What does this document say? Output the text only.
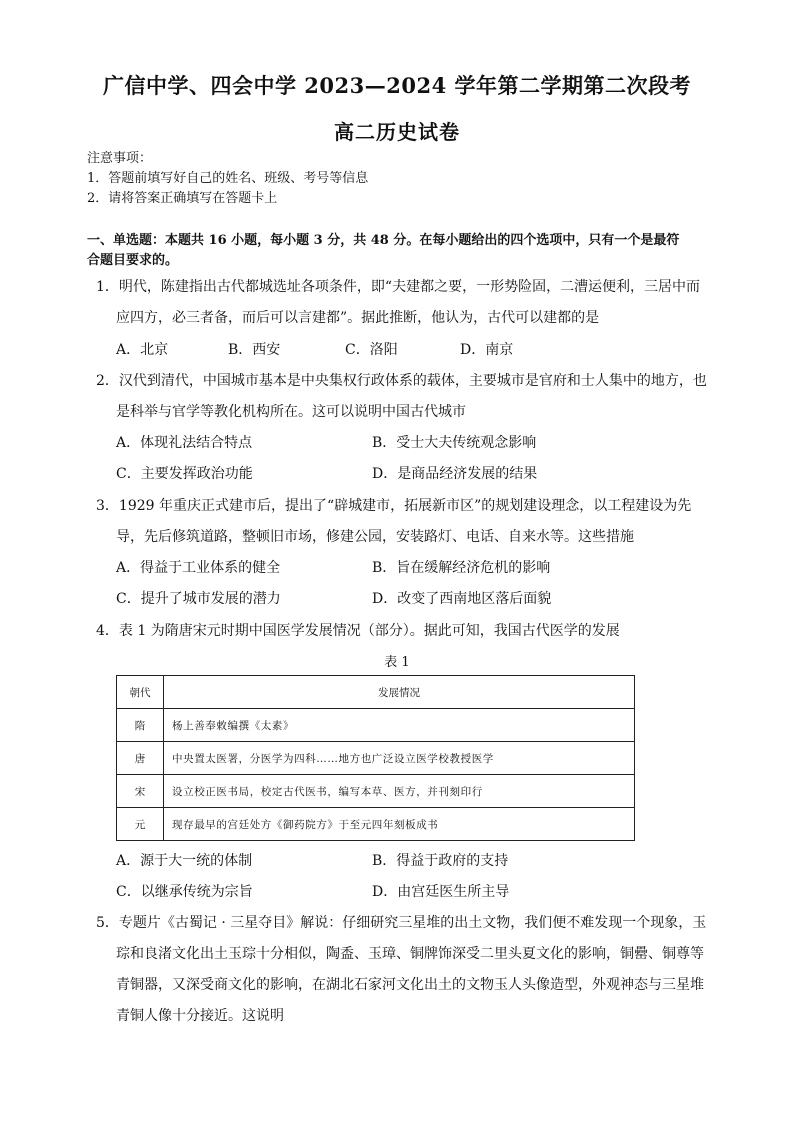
广信中学、四会中学 2023—2024 学年第二学期第二次段考
高二历史试卷
注意事项：
1．答题前填写好自己的姓名、班级、考号等信息
2．请将答案正确填写在答题卡上
一、单选题：本题共 16 小题，每小题 3 分，共 48 分。在每小题给出的四个选项中，只有一个是最符
合题目要求的。
1．明代，陈建指出古代都城选址各项条件，即“夫建都之要，一形势险固，二漕运便利，三居中而
应四方，必三者备，而后可以言建都”。据此推断，他认为，古代可以建都的是
A．北京	B．西安	C．洛阳	D．南京
2．汉代到清代，中国城市基本是中央集权行政体系的载体，主要城市是官府和士人集中的地方，也
是科举与官学等教化机构所在。这可以说明中国古代城市
A．体现礼法结合特点	B．受士大夫传统观念影响
C．主要发挥政治功能	D．是商品经济发展的结果
3．1929 年重庆正式建市后，提出了“辟城建市，拓展新市区”的规划建设理念，以工程建设为先
导，先后修筑道路，整顿旧市场，修建公园，安装路灯、电话、自来水等。这些措施
A．得益于工业体系的健全	B．旨在缓解经济危机的影响
C．提升了城市发展的潜力	D．改变了西南地区落后面貌
4．表 1 为隋唐宋元时期中国医学发展情况（部分）。据此可知，我国古代医学的发展
表 1
朝代	发展情况
隋	杨上善奉敕编撰《太素》
唐	中央置太医署，分医学为四科……地方也广泛设立医学校教授医学
宋	设立校正医书局，校定古代医书，编写本草、医方，并刊刻印行
元	现存最早的宫廷处方《御药院方》于至元四年刻板成书
A．源于大一统的体制	B．得益于政府的支持
C．以继承传统为宗旨	D．由宫廷医生所主导
5．专题片《古蜀记 · 三星夺目》解说：仔细研究三星堆的出土文物，我们便不难发现一个现象，玉
琮和良渚文化出土玉琮十分相似，陶盉、玉璋、铜牌饰深受二里头夏文化的影响，铜罍、铜尊等
青铜器，又深受商文化的影响，在湖北石家河文化出土的文物玉人头像造型，外观神态与三星堆
青铜人像十分接近。这说明
